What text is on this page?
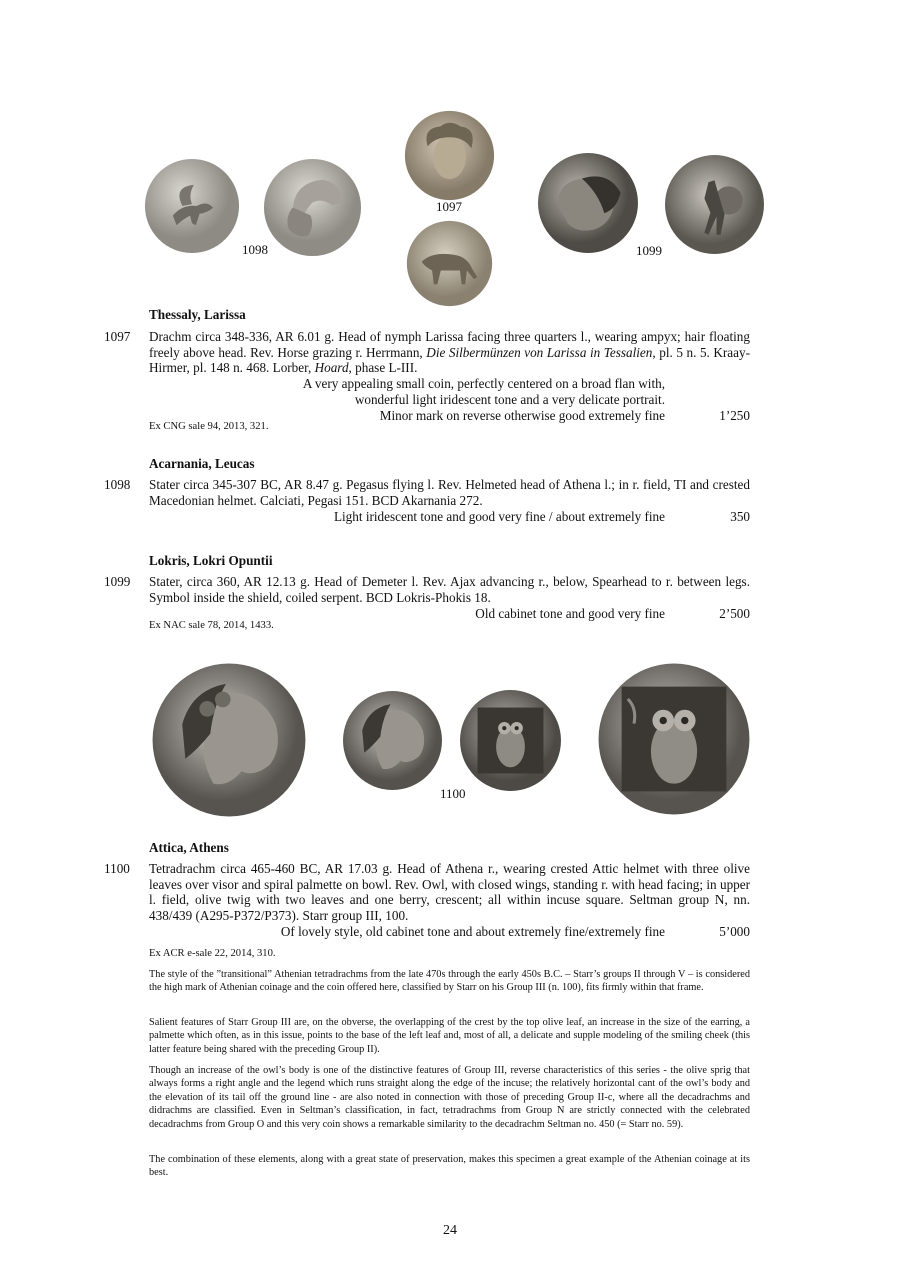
1098
1097
1099
Thessaly, Larissa
1097 Drachm circa 348-336, AR 6.01 g. Head of nymph Larissa facing three quarters l., wearing ampyx; hair floating freely above head. Rev. Horse grazing r. Herrmann, Die Silbermünzen von Larissa in Tessalien, pl. 5 n. 5. Kraay-Hirmer, pl. 148 n. 468. Lorber, Hoard, phase L-III.
A very appealing small coin, perfectly centered on a broad flan with,
wonderful light iridescent tone and a very delicate portrait.
Minor mark on reverse otherwise good extremely fine	1’250
Ex CNG sale 94, 2013, 321.
Acarnania, Leucas
1098 Stater circa 345-307 BC, AR 8.47 g. Pegasus flying l. Rev. Helmeted head of Athena l.; in r. field, TI and crested Macedonian helmet. Calciati, Pegasi 151. BCD Akarnania 272.
Light iridescent tone and good very fine / about extremely fine	350
Lokris, Lokri Opuntii
1099 Stater, circa 360, AR 12.13 g. Head of Demeter l. Rev. Ajax advancing r., below, Spearhead to r. between legs. Symbol inside the shield, coiled serpent. BCD Lokris-Phokis 18.
Old cabinet tone and good very fine	2’500
Ex NAC sale 78, 2014, 1433.
1100
Attica, Athens
1100 Tetradrachm circa 465-460 BC, AR 17.03 g. Head of Athena r., wearing crested Attic helmet with three olive leaves over visor and spiral palmette on bowl. Rev. Owl, with closed wings, standing r. with head facing; in upper l. field, olive twig with two leaves and one berry, crescent; all within incuse square. Seltman group N, nn. 438/439 (A295-P372/P373). Starr group III, 100.
Of lovely style, old cabinet tone and about extremely fine/extremely fine	5’000
Ex ACR e-sale 22, 2014, 310.
The style of the ”transitional” Athenian tetradrachms from the late 470s through the early 450s B.C. – Starr’s groups II through V – is considered the high mark of Athenian coinage and the coin offered here, classified by Starr on his Group III (n. 100), fits firmly within that frame.
Salient features of Starr Group III are, on the obverse, the overlapping of the crest by the top olive leaf, an increase in the size of the earring, a palmette which often, as in this issue, points to the base of the left leaf and, most of all, a delicate and supple modeling of the smiling cheek (this latter feature being shared with the preceding Group II).
Though an increase of the owl’s body is one of the distinctive features of Group III, reverse characteristics of this series - the olive sprig that always forms a right angle and the legend which runs straight along the edge of the incuse; the relatively horizontal cant of the owl’s body and the elevation of its tail off the ground line - are also noted in connection with those of preceding Group II-c, where all the decadrachms and didrachms are classified. Even in Seltman’s classification, in fact, tetradrachms from Group N are strictly connected with the celebrated decadrachms from Group O and this very coin shows a remarkable similarity to the decadrachm Seltman no. 450 (= Starr no. 59).
The combination of these elements, along with a great state of preservation, makes this specimen a great example of the Athenian coinage at its best.
24
